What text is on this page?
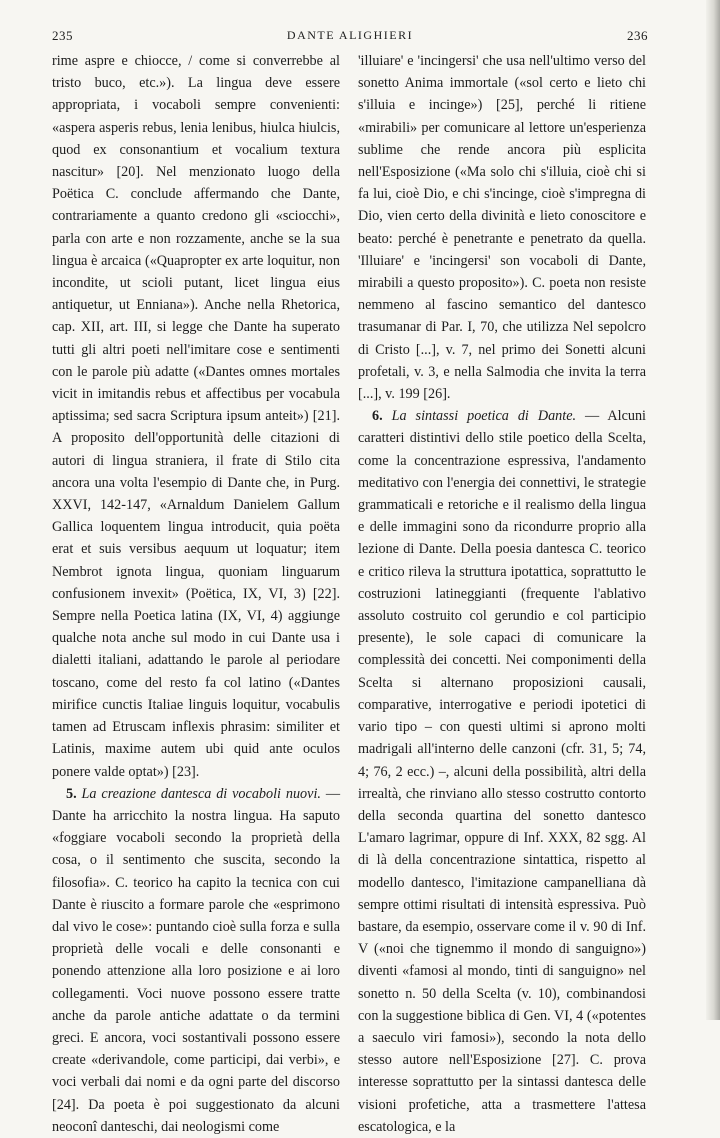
235	DANTE ALIGHIERI	236

rime aspre e chiocce, / come si converrebbe al tristo buco, etc.»). La lingua deve essere appropriata, i vocaboli sempre convenienti: «aspera asperis rebus, lenia lenibus, hiulca hiulcis, quod ex consonantium et vocalium textura nascitur» [20]. Nel menzionato luogo della Poëtica C. conclude affermando che Dante, contrariamente a quanto credono gli «sciocchi», parla con arte e non rozzamente, anche se la sua lingua è arcaica («Quapropter ex arte loquitur, non incondite, ut scioli putant, licet lingua eius antiquetur, ut Enniana»). Anche nella Rhetorica, cap. XII, art. III, si legge che Dante ha superato tutti gli altri poeti nell'imitare cose e sentimenti con le parole più adatte («Dantes omnes mortales vicit in imitandis rebus et affectibus per vocabula aptissima; sed sacra Scriptura ipsum anteit») [21]. A proposito dell'opportunità delle citazioni di autori di lingua straniera, il frate di Stilo cita ancora una volta l'esempio di Dante che, in Purg. XXVI, 142-147, «Arnaldum Danielem Gallum Gallica loquentem lingua introducit, quia poëta erat et suis versibus aequum ut loquatur; item Nembrot ignota lingua, quoniam linguarum confusionem invexit» (Poëtica, IX, VI, 3) [22]. Sempre nella Poetica latina (IX, VI, 4) aggiunge qualche nota anche sul modo in cui Dante usa i dialetti italiani, adattando le parole al periodare toscano, come del resto fa col latino («Dantes mirifice cunctis Italiae linguis loquitur, vocabulis tamen ad Etruscam inflexis phrasim: similiter et Latinis, maxime autem ubi quid ante oculos ponere valde optat») [23].

5. La creazione dantesca di vocaboli nuovi. — Dante ha arricchito la nostra lingua. Ha saputo «foggiare vocaboli secondo la proprietà della cosa, o il sentimento che suscita, secondo la filosofia». C. teorico ha capito la tecnica con cui Dante è riuscito a formare parole che «esprimono dal vivo le cose»: puntando cioè sulla forza e sulla proprietà delle vocali e delle consonanti e ponendo attenzione alla loro posizione e ai loro collegamenti. Voci nuove possono essere tratte anche da parole antiche adattate o da termini greci. E ancora, voci sostantivali possono essere create «derivandole, come participi, dai verbi», e voci verbali dai nomi e da ogni parte del discorso [24]. Da poeta è poi suggestionato da alcuni neoconî danteschi, dai neologismi come

'illuiare' e 'incingersi' che usa nell'ultimo verso del sonetto Anima immortale («sol certo e lieto chi s'illuia e incinge») [25], perché li ritiene «mirabili» per comunicare al lettore un'esperienza sublime che rende ancora più esplicita nell'Esposizione («Ma solo chi s'illuia, cioè chi si fa lui, cioè Dio, e chi s'incinge, cioè s'impregna di Dio, vien certo della divinità e lieto conoscitore e beato: perché è penetrante e penetrato da quella. 'Illuiare' e 'incingersi' son vocaboli di Dante, mirabili a questo proposito»). C. poeta non resiste nemmeno al fascino semantico del dantesco trasumanar di Par. I, 70, che utilizza Nel sepolcro di Cristo [...], v. 7, nel primo dei Sonetti alcuni profetali, v. 3, e nella Salmodia che invita la terra [...], v. 199 [26].

6. La sintassi poetica di Dante. — Alcuni caratteri distintivi dello stile poetico della Scelta, come la concentrazione espressiva, l'andamento meditativo con l'energia dei connettivi, le strategie grammaticali e retoriche e il realismo della lingua e delle immagini sono da ricondurre proprio alla lezione di Dante. Della poesia dantesca C. teorico e critico rileva la struttura ipotattica, soprattutto le costruzioni latineggianti (frequente l'ablativo assoluto costruito col gerundio e col participio presente), le sole capaci di comunicare la complessità dei concetti. Nei componimenti della Scelta si alternano proposizioni causali, comparative, interrogative e periodi ipotetici di vario tipo – con questi ultimi si aprono molti madrigali all'interno delle canzoni (cfr. 31, 5; 74, 4; 76, 2 ecc.) –, alcuni della possibilità, altri della irrealtà, che rinviano allo stesso costrutto contorto della seconda quartina del sonetto dantesco L'amaro lagrimar, oppure di Inf. XXX, 82 sgg. Al di là della concentrazione sintattica, rispetto al modello dantesco, l'imitazione campanelliana dà sempre ottimi risultati di intensità espressiva. Può bastare, da esempio, osservare come il v. 90 di Inf. V («noi che tignemmo il mondo di sanguigno») diventi «famosi al mondo, tinti di sanguigno» nel sonetto n. 50 della Scelta (v. 10), combinandosi con la suggestione biblica di Gen. VI, 4 («potentes a saeculo viri famosi»), secondo la nota dello stesso autore nell'Esposizione [27]. C. prova interesse soprattutto per la sintassi dantesca delle visioni profetiche, atta a trasmettere l'attesa escatologica, e la
